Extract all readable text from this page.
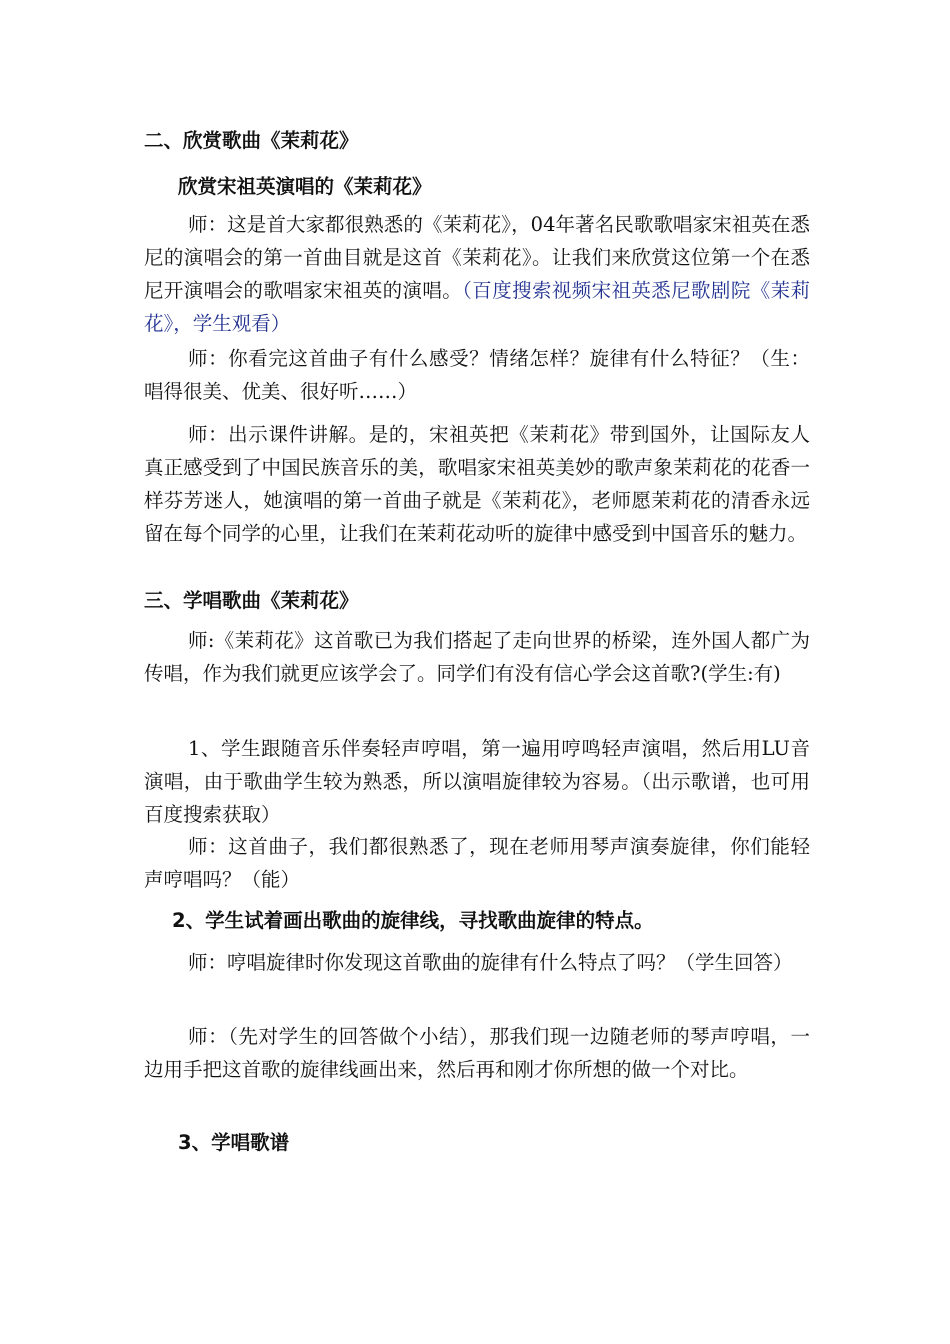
二、欣赏歌曲《茉莉花》
欣赏宋祖英演唱的《茉莉花》
师：这是首大家都很熟悉的《茉莉花》，04年著名民歌歌唱家宋祖英在悉尼的演唱会的第一首曲目就是这首《茉莉花》。让我们来欣赏这位第一个在悉尼开演唱会的歌唱家宋祖英的演唱。（百度搜索视频宋祖英悉尼歌剧院《茉莉花》，学生观看）
师：你看完这首曲子有什么感受？情绪怎样？旋律有什么特征？（生：唱得很美、优美、很好听……）
师：出示课件讲解。是的，宋祖英把《茉莉花》带到国外，让国际友人真正感受到了中国民族音乐的美，歌唱家宋祖英美妙的歌声象茉莉花的花香一样芬芳迷人，她演唱的第一首曲子就是《茉莉花》，老师愿茉莉花的清香永远留在每个同学的心里，让我们在茉莉花动听的旋律中感受到中国音乐的魅力。
三、学唱歌曲《茉莉花》
师:《茉莉花》这首歌已为我们搭起了走向世界的桥梁，连外国人都广为传唱，作为我们就更应该学会了。同学们有没有信心学会这首歌?(学生:有)
1、学生跟随音乐伴奏轻声哼唱，第一遍用哼鸣轻声演唱，然后用LU音演唱，由于歌曲学生较为熟悉，所以演唱旋律较为容易。（出示歌谱，也可用百度搜索获取）
师：这首曲子，我们都很熟悉了，现在老师用琴声演奏旋律，你们能轻声哼唱吗？（能）
2、学生试着画出歌曲的旋律线，寻找歌曲旋律的特点。
师：哼唱旋律时你发现这首歌曲的旋律有什么特点了吗？（学生回答）
师：（先对学生的回答做个小结），那我们现一边随老师的琴声哼唱，一边用手把这首歌的旋律线画出来，然后再和刚才你所想的做一个对比。
3、学唱歌谱
